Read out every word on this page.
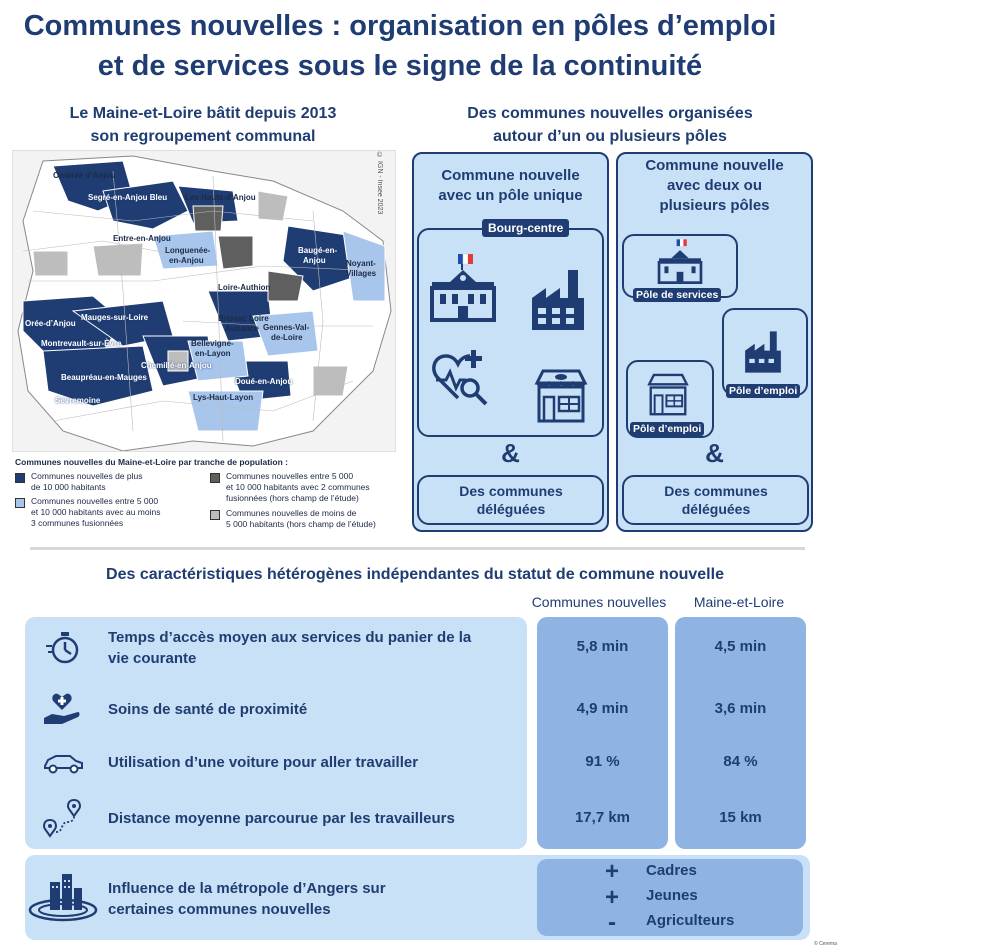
Communes nouvelles : organisation en pôles d’emploi
et de services sous le signe de la continuité
Le Maine-et-Loire bâtit depuis 2013
son regroupement communal
Ombrée d’Anjou
Segré-en-Anjou Bleu Les Hauts-d’Anjou
Entre-en-Anjou
Longuenée-
en-Anjou
Baugé-en-
Anjou	Noyant-
Villages
Loire-Authion
Orée-d’Anjou
Mauges-sur-Loire	Brissac Loire
Aubance Gennes-Val-
de-Loire
Montrevault-sur-Èvre	Bellevigne-
en-Layon
Chemillé-en-Anjou
Beaupréau-en-Mauges	Doué-en-Anjou
Lys-Haut-Layon
Sèvremoine
© IGN - Insee 2023
Communes nouvelles du Maine-et-Loire par tranche de population :
Communes nouvelles de plus
de 10 000 habitants
Communes nouvelles entre 5 000
et 10 000 habitants avec au moins
3 communes fusionnées
Communes nouvelles entre 5 000
et 10 000 habitants avec 2 communes
fusionnées (hors champ de l’étude)
Communes nouvelles de moins de
5 000 habitants (hors champ de l’étude)
Des communes nouvelles organisées
autour d’un ou plusieurs pôles
Commune nouvelle
avec un pôle unique
Bourg-centre
&
Des communes
déléguées
Commune nouvelle
avec deux ou
plusieurs pôles
Pôle de services
Pôle d’emploi
Pôle d’emploi
&
Des communes
déléguées
Des caractéristiques hétérogènes indépendantes du statut de commune nouvelle
Communes nouvelles	Maine-et-Loire
Temps d’accès moyen aux services du panier de la
vie courante
5,8 min	4,5 min
Soins de santé de proximité	4,9 min	3,6 min
Utilisation d’une voiture pour aller travailler	91 %	84 %
Distance moyenne parcourue par les travailleurs	17,7 km	15 km
Influence de la métropole d’Angers sur
certaines communes nouvelles
+ Cadres
+ Jeunes
-	Agriculteurs
© Cerema
